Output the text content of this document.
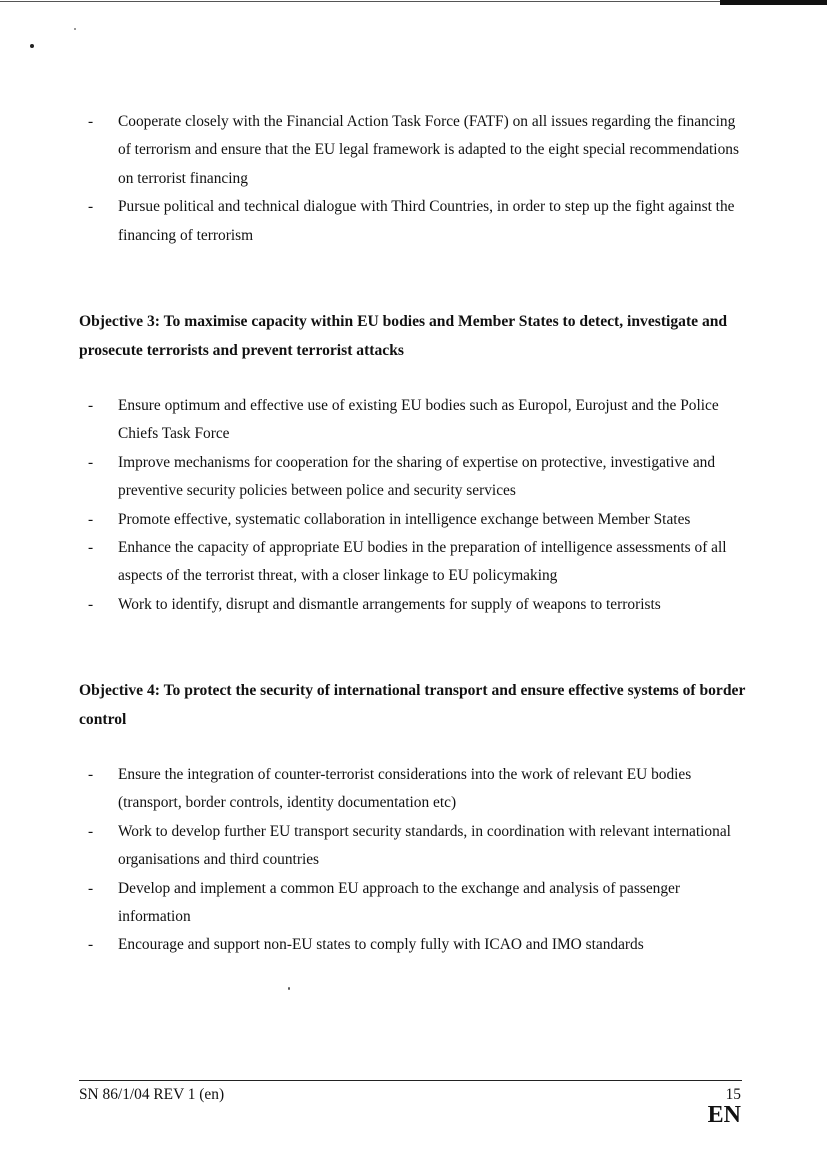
-	Cooperate closely with the Financial Action Task Force (FATF) on all issues regarding the financing of terrorism and ensure that the EU legal framework is adapted to the eight special recommendations on terrorist financing
-	Pursue political and technical dialogue with Third Countries, in order to step up the fight against the financing of terrorism
Objective 3: To maximise capacity within EU bodies and Member States to detect, investigate and prosecute terrorists and prevent terrorist attacks
-	Ensure optimum and effective use of existing EU bodies such as Europol, Eurojust and the Police Chiefs Task Force
-	Improve mechanisms for cooperation for the sharing of expertise on protective, investigative and preventive security policies between police and security services
-	Promote effective, systematic collaboration in intelligence exchange between Member States
-	Enhance the capacity of appropriate EU bodies in the preparation of intelligence assessments of all aspects of the terrorist threat, with a closer linkage to EU policymaking
-	Work to identify, disrupt and dismantle arrangements for supply of weapons to terrorists
Objective 4: To protect the security of international transport and ensure effective systems of border control
-	Ensure the integration of counter-terrorist considerations into the work of relevant EU bodies (transport, border controls, identity documentation etc)
-	Work to develop further EU transport security standards, in coordination with relevant international organisations and third countries
-	Develop and implement a common EU approach to the exchange and analysis of passenger information
-	Encourage and support non-EU states to comply fully with ICAO and IMO standards
SN 86/1/04 REV 1 (en)	15
EN
